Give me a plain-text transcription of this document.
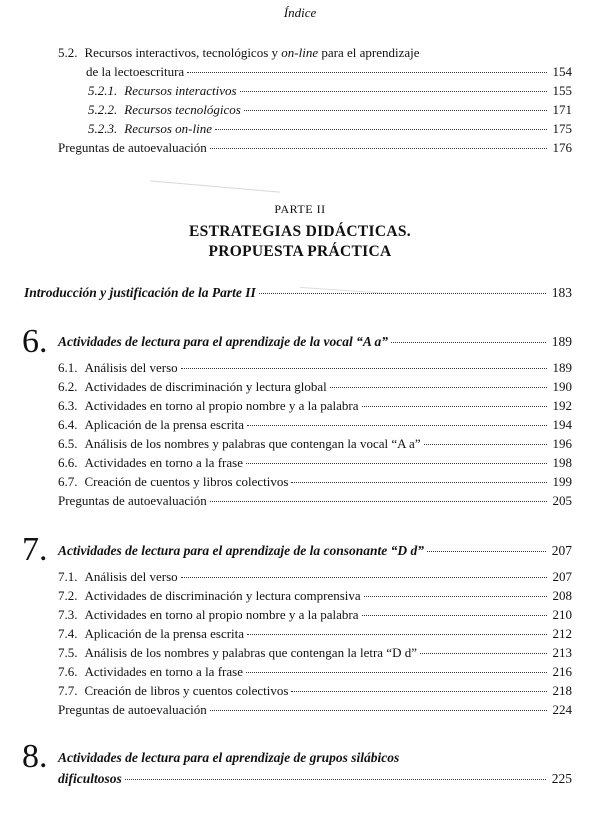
Índice
5.2. Recursos interactivos, tecnológicos y on-line para el aprendizaje
de la lectoescritura	154
5.2.1. Recursos interactivos	155
5.2.2. Recursos tecnológicos	171
5.2.3. Recursos on-line	175
Preguntas de autoevaluación	176
PARTE II
ESTRATEGIAS DIDÁCTICAS.
PROPUESTA PRÁCTICA
Introducción y justificación de la Parte II	183
6. Actividades de lectura para el aprendizaje de la vocal “A a”	189
6.1. Análisis del verso	189
6.2. Actividades de discriminación y lectura global	190
6.3. Actividades en torno al propio nombre y a la palabra	192
6.4. Aplicación de la prensa escrita	194
6.5. Análisis de los nombres y palabras que contengan la vocal “A a”	196
6.6. Actividades en torno a la frase	198
6.7. Creación de cuentos y libros colectivos	199
Preguntas de autoevaluación	205
7. Actividades de lectura para el aprendizaje de la consonante “D d”	207
7.1. Análisis del verso	207
7.2. Actividades de discriminación y lectura comprensiva	208
7.3. Actividades en torno al propio nombre y a la palabra	210
7.4. Aplicación de la prensa escrita	212
7.5. Análisis de los nombres y palabras que contengan la letra “D d”	213
7.6. Actividades en torno a la frase	216
7.7. Creación de libros y cuentos colectivos	218
Preguntas de autoevaluación	224
8. Actividades de lectura para el aprendizaje de grupos silábicos
dificultosos	225
